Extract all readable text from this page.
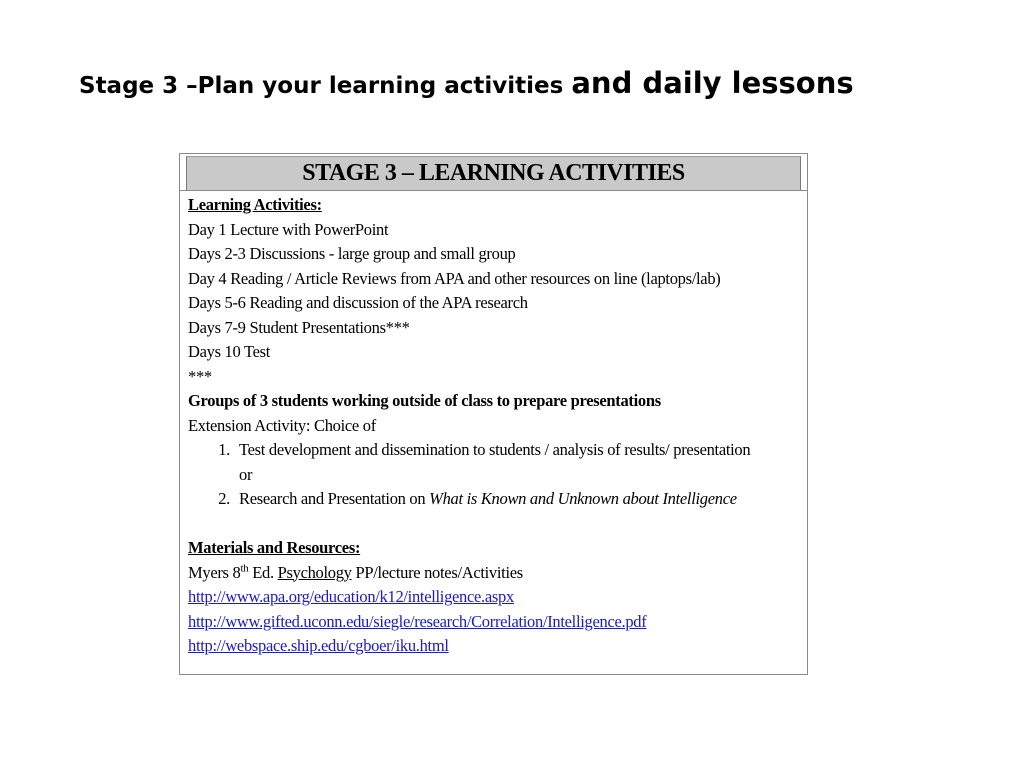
Stage 3 –Plan your learning activities and daily lessons
STAGE 3 – LEARNING ACTIVITIES
Learning Activities:
Day 1 Lecture with PowerPoint
Days 2-3 Discussions - large group and small group
Day 4 Reading / Article Reviews from APA and other resources on line (laptops/lab)
Days 5-6 Reading and discussion of the APA research
Days 7-9 Student Presentations***
Days 10 Test
***
Groups of 3 students working outside of class to prepare presentations
Extension Activity: Choice of
1. Test development and dissemination to students / analysis of results/ presentation
or
2. Research and Presentation on What is Known and Unknown about Intelligence
Materials and Resources:
Myers 8th Ed. Psychology PP/lecture notes/Activities
http://www.apa.org/education/k12/intelligence.aspx
http://www.gifted.uconn.edu/siegle/research/Correlation/Intelligence.pdf
http://webspace.ship.edu/cgboer/iku.html
